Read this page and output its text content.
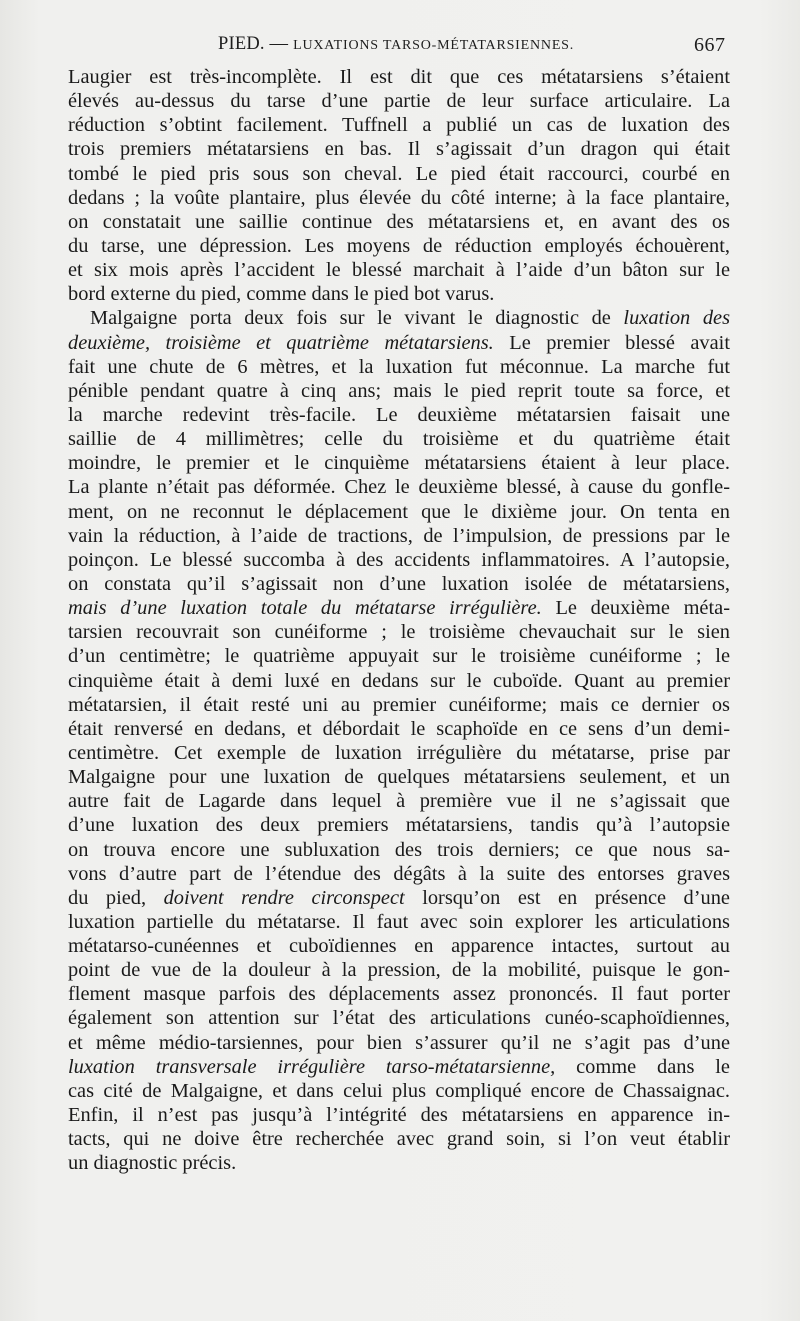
PIED. — LUXATIONS TARSO-MÉTATARSIENNES.	667
Laugier est très-incomplète. Il est dit que ces métatarsiens s’étaient
élevés au-dessus du tarse d’une partie de leur surface articulaire. La
réduction s’obtint facilement. Tuffnell a publié un cas de luxation des
trois premiers métatarsiens en bas. Il s’agissait d’un dragon qui était
tombé le pied pris sous son cheval. Le pied était raccourci, courbé en
dedans ; la voûte plantaire, plus élevée du côté interne; à la face plantaire,
on constatait une saillie continue des métatarsiens et, en avant des os
du tarse, une dépression. Les moyens de réduction employés échouèrent,
et six mois après l’accident le blessé marchait à l’aide d’un bâton sur le
bord externe du pied, comme dans le pied bot varus.
Malgaigne porta deux fois sur le vivant le diagnostic de luxation des
deuxième, troisième et quatrième métatarsiens. Le premier blessé avait
fait une chute de 6 mètres, et la luxation fut méconnue. La marche fut
pénible pendant quatre à cinq ans; mais le pied reprit toute sa force, et
la marche redevint très-facile. Le deuxième métatarsien faisait une
saillie de 4 millimètres; celle du troisième et du quatrième était
moindre, le premier et le cinquième métatarsiens étaient à leur place.
La plante n’était pas déformée. Chez le deuxième blessé, à cause du gonfle-
ment, on ne reconnut le déplacement que le dixième jour. On tenta en
vain la réduction, à l’aide de tractions, de l’impulsion, de pressions par le
poinçon. Le blessé succomba à des accidents inflammatoires. A l’autopsie,
on constata qu’il s’agissait non d’une luxation isolée de métatarsiens,
mais d’une luxation totale du métatarse irrégulière. Le deuxième méta-
tarsien recouvrait son cunéiforme ; le troisième chevauchait sur le sien
d’un centimètre; le quatrième appuyait sur le troisième cunéiforme ; le
cinquième était à demi luxé en dedans sur le cuboïde. Quant au premier
métatarsien, il était resté uni au premier cunéiforme; mais ce dernier os
était renversé en dedans, et débordait le scaphoïde en ce sens d’un demi-
centimètre. Cet exemple de luxation irrégulière du métatarse, prise par
Malgaigne pour une luxation de quelques métatarsiens seulement, et un
autre fait de Lagarde dans lequel à première vue il ne s’agissait que
d’une luxation des deux premiers métatarsiens, tandis qu’à l’autopsie
on trouva encore une subluxation des trois derniers; ce que nous sa-
vons d’autre part de l’étendue des dégâts à la suite des entorses graves
du pied, doivent rendre circonspect lorsqu’on est en présence d’une
luxation partielle du métatarse. Il faut avec soin explorer les articulations
métatarso-cunéennes et cuboïdiennes en apparence intactes, surtout au
point de vue de la douleur à la pression, de la mobilité, puisque le gon-
flement masque parfois des déplacements assez prononcés. Il faut porter
également son attention sur l’état des articulations cunéo-scaphoïdiennes,
et même médio-tarsiennes, pour bien s’assurer qu’il ne s’agit pas d’une
luxation transversale irrégulière tarso-métatarsienne, comme dans le
cas cité de Malgaigne, et dans celui plus compliqué encore de Chassaignac.
Enfin, il n’est pas jusqu’à l’intégrité des métatarsiens en apparence in-
tacts, qui ne doive être recherchée avec grand soin, si l’on veut établir
un diagnostic précis.
